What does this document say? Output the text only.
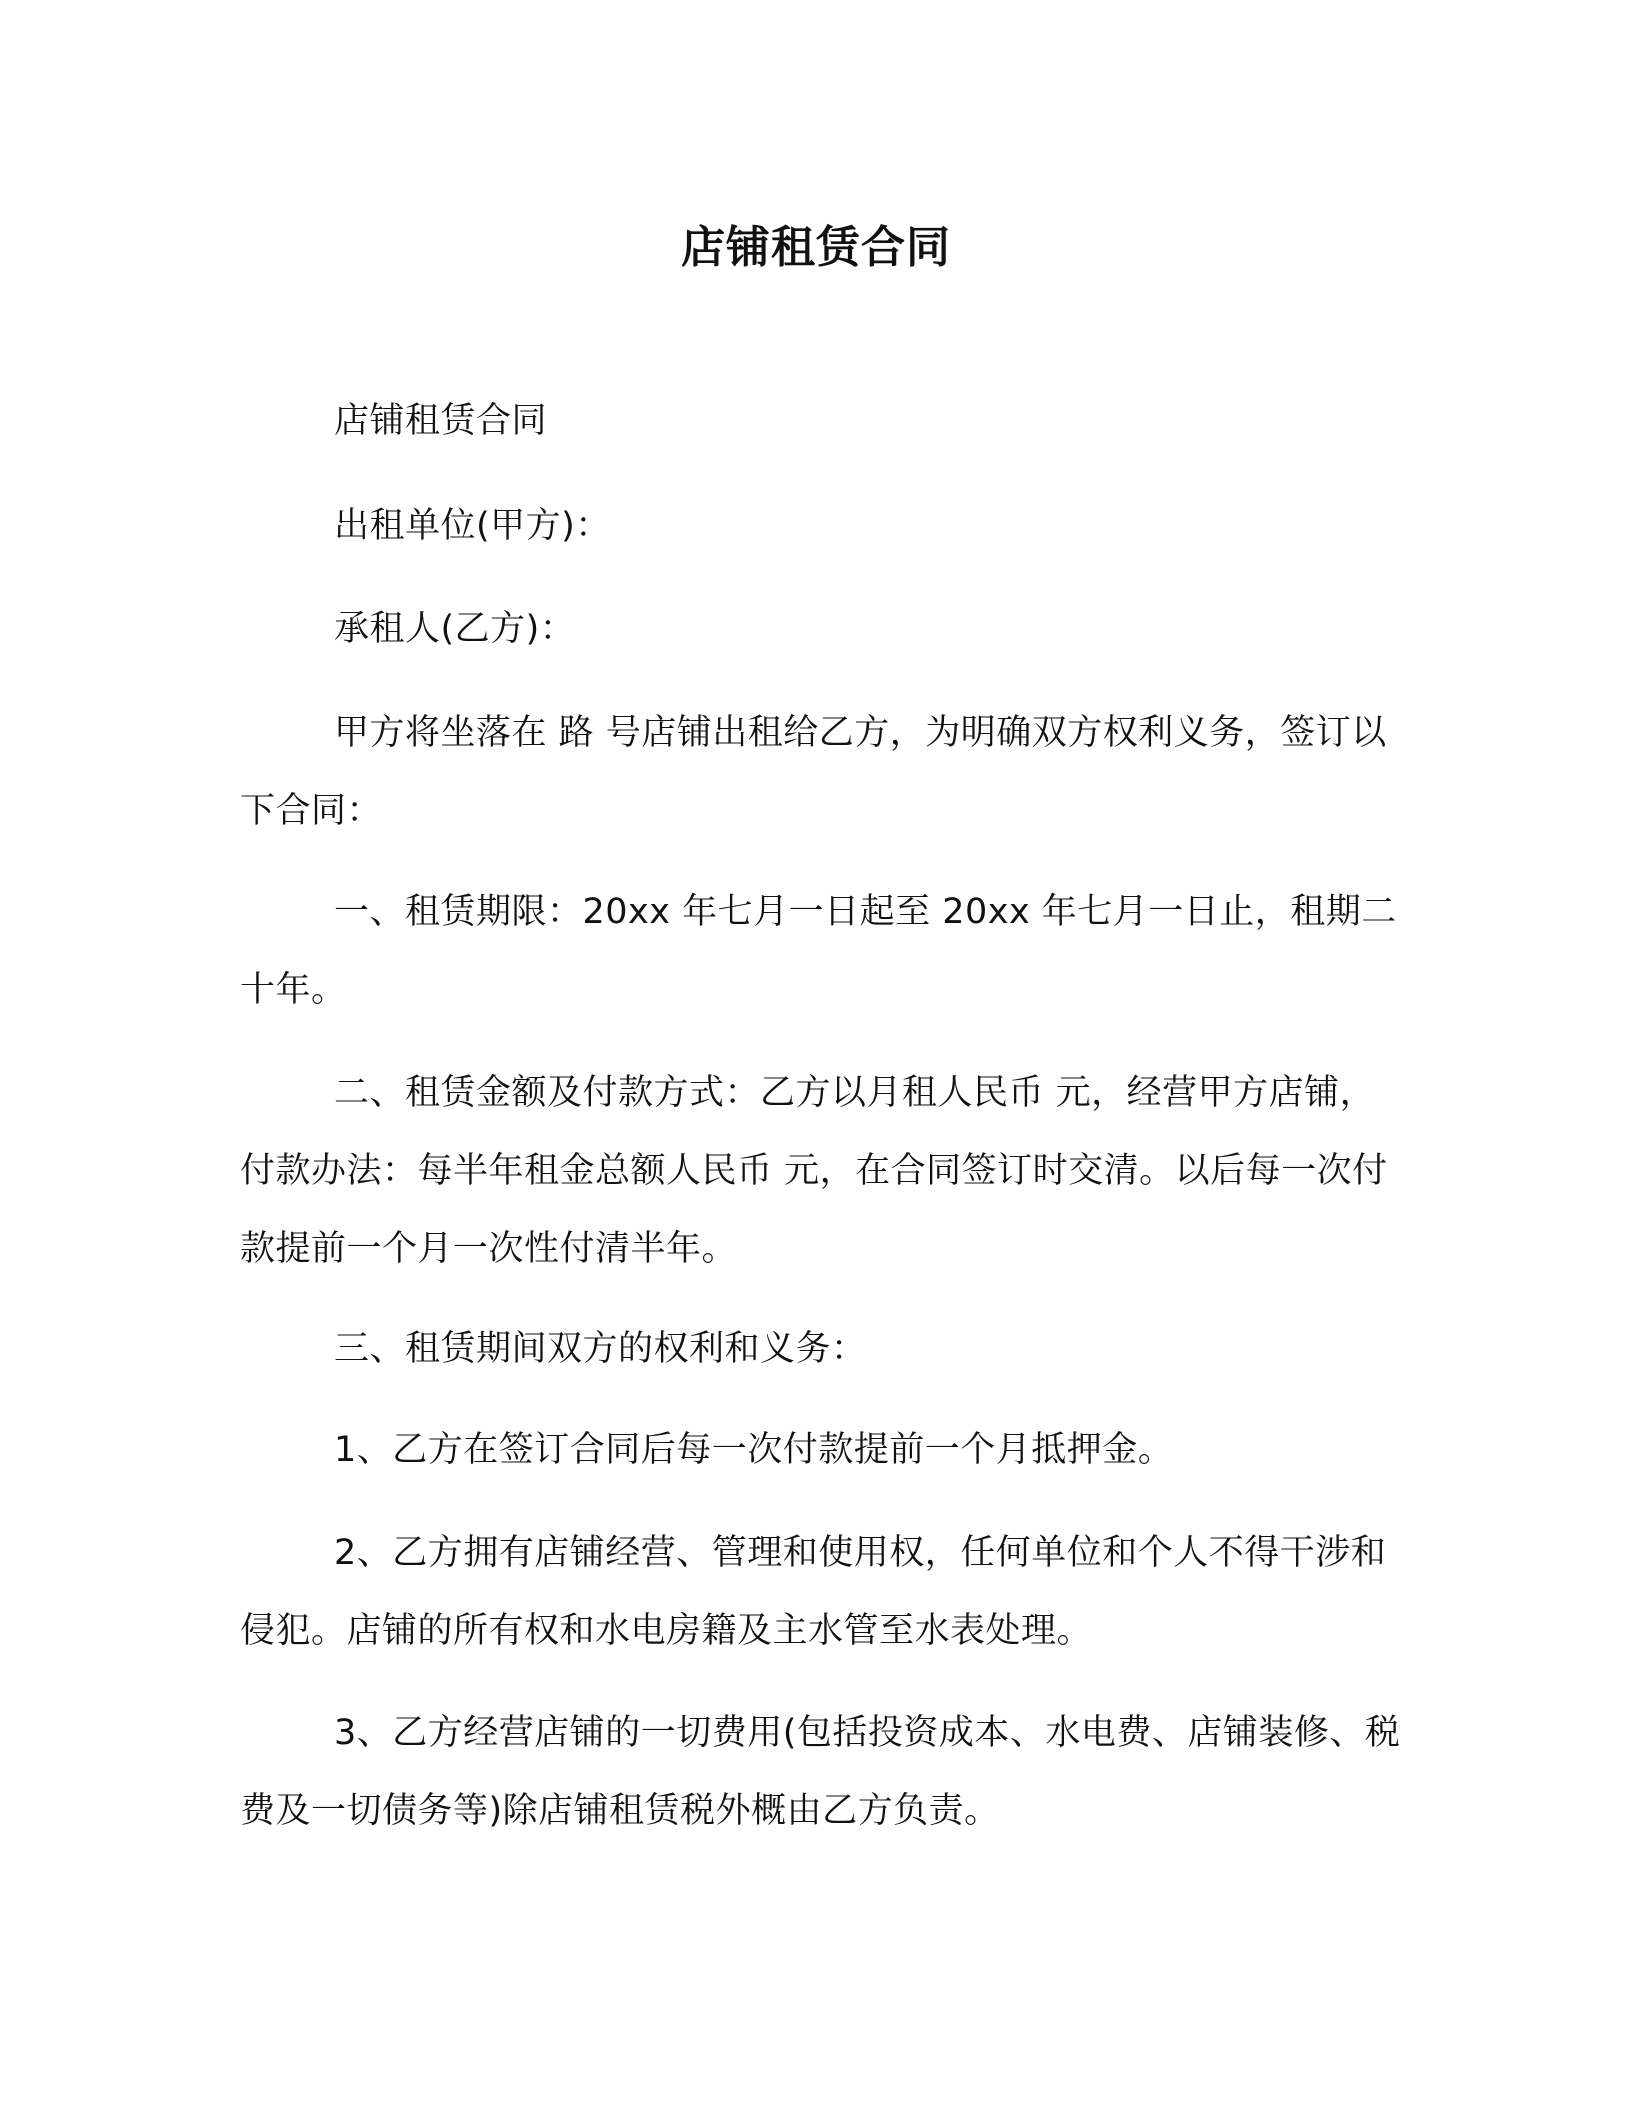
店铺租赁合同

店铺租赁合同

出租单位(甲方)：

承租人(乙方)：

甲方将坐落在 路 号店铺出租给乙方，为明确双方权利义务，签订以下合同：

一、租赁期限：20xx 年七月一日起至 20xx 年七月一日止，租期二十年。

二、租赁金额及付款方式：乙方以月租人民币 元，经营甲方店铺，付款办法：每半年租金总额人民币 元，在合同签订时交清。以后每一次付款提前一个月一次性付清半年。

三、租赁期间双方的权利和义务：

1、乙方在签订合同后每一次付款提前一个月抵押金。

2、乙方拥有店铺经营、管理和使用权，任何单位和个人不得干涉和侵犯。店铺的所有权和水电房籍及主水管至水表处理。

3、乙方经营店铺的一切费用(包括投资成本、水电费、店铺装修、税费及一切债务等)除店铺租赁税外概由乙方负责。
